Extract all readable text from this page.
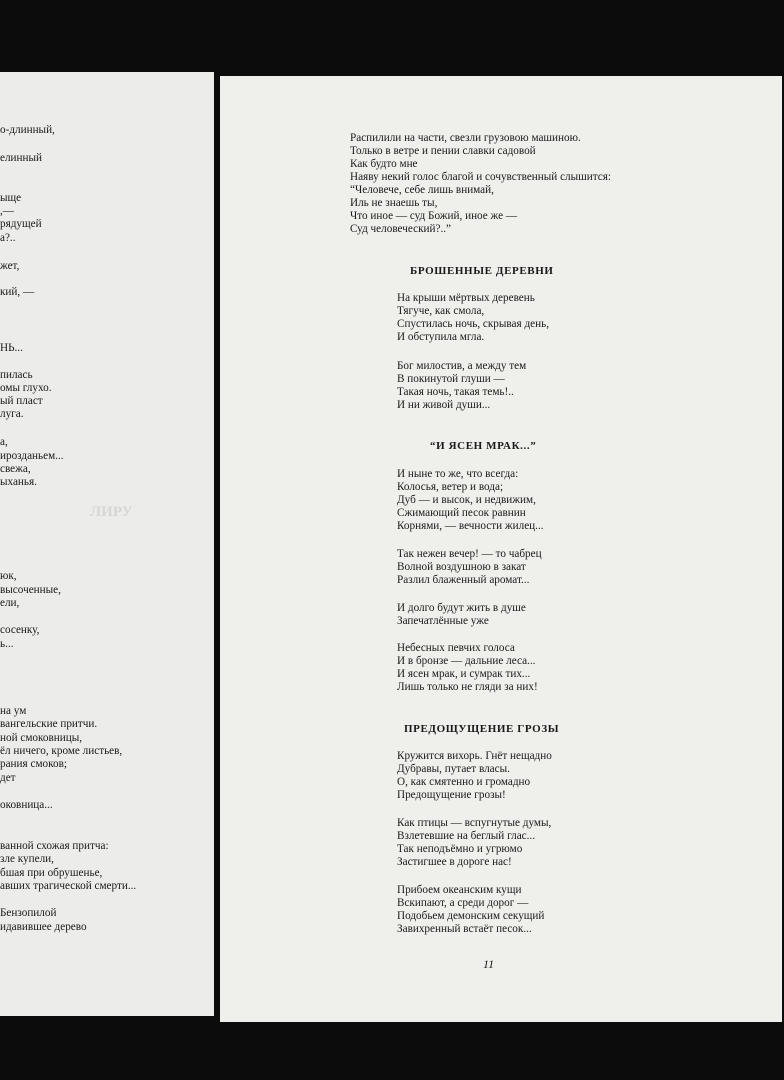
ЛИРУ
о-длинный,
елинный
ыще
,—
рядущей
а?..
жет,
кий, —
НЬ...
пилась
омы глухо.
ый пласт
луга.
а,
ирозданьем...
свежа,
ыханья.
юк,
высоченные,
ели,
сосенку,
ь...
на ум
вангельские притчи.
ной смоковницы,
ёл ничего, кроме листьев,
рания смоков;
дет
оковница...
ванной схожая притча:
зле купели,
бшая при обрушенье,
авших трагической смерти...
Бензопилой
идавившее дерево
Распилили на части, свезли грузовою машиною.
Только в ветре и пении славки садовой
Как будто мне
Наяву некий голос благой и сочувственный слышится:
“Человече, себе лишь внимай,
Иль не знаешь ты,
Что иное — суд Божий, иное же —
Суд человеческий?..”
БРОШЕННЫЕ ДЕРЕВНИ
На крыши мёртвых деревень
Тягуче, как смола,
Спустилась ночь, скрывая день,
И обступила мгла.
Бог милостив, а между тем
В покинутой глуши —
Такая ночь, такая темь!..
И ни живой души...
“И ЯСЕН МРАК...”
И ныне то же, что всегда:
Колосья, ветер и вода;
Дуб — и высок, и недвижим,
Сжимающий песок равнин
Корнями, — вечности жилец...
Так нежен вечер! — то чабрец
Волной воздушною в закат
Разлил блаженный аромат...
И долго будут жить в душе
Запечатлённые уже
Небесных певчих голоса
И в бронзе — дальние леса...
И ясен мрак, и сумрак тих...
Лишь только не гляди за них!
ПРЕДОЩУЩЕНИЕ ГРОЗЫ
Кружится вихорь. Гнёт нещадно
Дубравы, путает власы.
О, как смятенно и громадно
Предощущение грозы!
Как птицы — вспугнутые думы,
Взлетевшие на беглый глас...
Так неподъёмно и угрюмо
Застигшее в дороге нас!
Прибоем океанским кущи
Вскипают, а среди дорог —
Подобьем демонским секущий
Завихренный встаёт песок...
11
